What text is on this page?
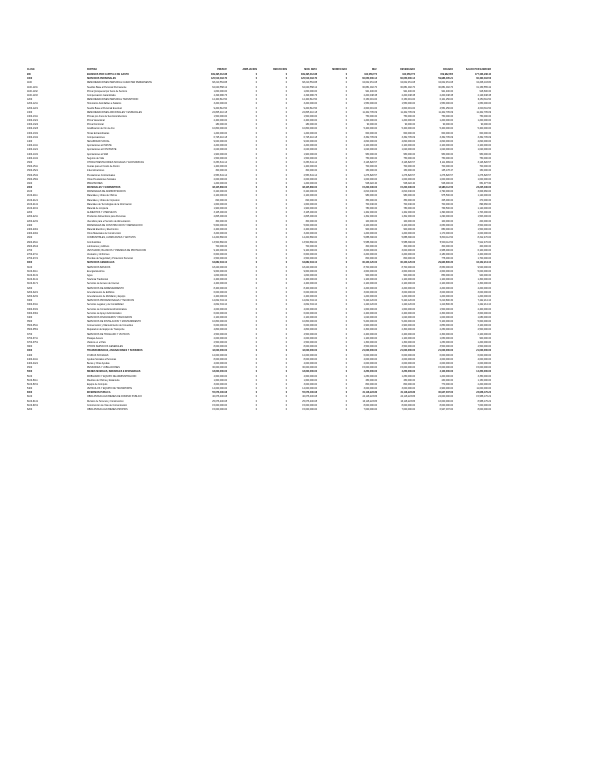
CLAVE	PARTIDA	PRESUP.	AMPLIACION	REDUCCION	MOD. NETA	MODIFICADO	DEV.	DEVENGADO	PAGADO	SALDO POR EJERCER
900	EGRESOS POR CAPITULO DE GASTO	339,495,012.88	0	0	339,495,012.88	0	162,058,774	162,058,774	159,982,355	177,436,238.44
1000	SERVICIOS PERSONALES	120,510,418.70	0	0	120,510,418.70	0	60,050,000.14	60,050,000.14	59,986,405.21	60,460,418.56
1100	REMUNERACIONES PERSONAL CARACTER PERMANENTE	68,210,554.88	0	0	68,210,554.88	0	34,002,451.08	34,002,451.08	34,002,451.08	34,208,103.80
1100-1131	Sueldos Base al Personal Permanente	62,040,558.12	0	0	62,040,558.12	0	30,881,002.70	30,881,002.70	30,881,002.70	31,159,555.42
1100-1132	Prima Quinquenal por Anos de Servicio	1,840,000.00	0	0	1,840,000.00	0	921,400.00	921,400.00	921,400.00	918,600.00
1100-1133	Compensacion Garantizada	4,329,996.76	0	0	4,329,996.76	0	2,200,048.38	2,200,048.38	2,200,048.38	2,129,948.38
1200	REMUNERACIONES PERSONAL TRANSITORIO	12,400,812.50	0	0	12,400,812.50	0	6,150,001.00	6,150,001.00	6,101,250.00	6,250,811.50
1200-1211	Honorarios Asimilables a Salarios	3,200,000.00	0	0	3,200,000.00	0	1,550,000.00	1,550,000.00	1,550,000.00	1,650,000.00
1200-1221	Sueldo Base al Personal Eventual	9,200,812.50	0	0	9,200,812.50	0	4,600,001.00	4,600,001.00	4,551,250.00	4,600,811.50
1300	REMUNERACIONES ADICIONALES Y ESPECIALES	22,805,410.18	0	0	22,805,410.18	0	11,402,705.09	11,402,705.09	11,402,705.09	11,402,705.09
1300-1311	Primas por Anos de Servicios Efectivos	1,500,000.00	0	0	1,500,000.00	0	750,000.00	750,000.00	750,000.00	750,000.00
1300-1321	Prima Vacacional	2,400,000.00	0	0	2,400,000.00	0	1,200,000.00	1,200,000.00	1,200,000.00	1,200,000.00
1300-1322	Prima Dominical	180,000.00	0	0	180,000.00	0	90,000.00	90,000.00	90,000.00	90,000.00
1300-1323	Gratificacion de Fin de Ano	10,800,000.00	0	0	10,800,000.00	0	5,400,000.00	5,400,000.00	5,400,000.00	5,400,000.00
1300-1331	Horas Extraordinarias	1,200,000.00	0	0	1,200,000.00	0	600,000.00	600,000.00	600,000.00	600,000.00
1300-1341	Compensaciones	6,725,410.18	0	0	6,725,410.18	0	3,362,705.09	3,362,705.09	3,362,705.09	3,362,705.09
1400	SEGURIDAD SOCIAL	9,640,000.00	0	0	9,640,000.00	0	4,820,000.00	4,820,000.00	4,820,000.00	4,820,000.00
1400-1411	Aportaciones al ISSSTE	4,200,000.00	0	0	4,200,000.00	0	2,100,000.00	2,100,000.00	2,100,000.00	2,100,000.00
1400-1421	Aportaciones al FOVISSSTE	2,040,000.00	0	0	2,040,000.00	0	1,020,000.00	1,020,000.00	1,020,000.00	1,020,000.00
1400-1431	Aportaciones al SAR	1,900,000.00	0	0	1,900,000.00	0	950,000.00	950,000.00	950,000.00	950,000.00
1400-1441	Seguros de Vida	1,500,000.00	0	0	1,500,000.00	0	750,000.00	750,000.00	750,000.00	750,000.00
1500	OTRAS PRESTACIONES SOCIALES Y ECONOMICAS	6,253,641.14	0	0	6,253,641.14	0	3,126,820.57	3,126,820.57	3,111,999.04	3,126,820.57
1500-1511	Cuotas para el Fondo de Ahorro	1,400,000.00	0	0	1,400,000.00	0	700,000.00	700,000.00	700,000.00	700,000.00
1500-1521	Indemnizaciones	300,000.00	0	0	300,000.00	0	150,000.00	150,000.00	135,178.47	150,000.00
1500-1541	Prestaciones Contractuales	2,553,641.14	0	0	2,553,641.14	0	1,276,820.57	1,276,820.57	1,276,820.57	1,276,820.57
1500-1591	Otras Prestaciones Sociales	2,000,000.00	0	0	2,000,000.00	0	1,000,000.00	1,000,000.00	1,000,000.00	1,000,000.00
1600	PREVISIONES	1,200,000.00	0	0	1,200,000.00	0	548,022.40	548,022.40	548,000.00	651,977.60
2000	MATERIALES Y SUMINISTROS	38,425,860.00	0	0	38,425,860.00	0	15,200,430.00	15,200,430.00	14,988,112.50	23,225,430.00
2100	MATERIALES DE ADMINISTRACION	6,420,000.00	0	0	6,420,000.00	0	2,810,040.00	2,810,040.00	2,790,000.00	3,609,960.00
2100-2111	Materiales y Utiles de Oficina	2,100,000.00	0	0	2,100,000.00	0	980,000.00	980,000.00	975,500.00	1,120,000.00
2100-2121	Materiales y Utiles de Impresion	820,000.00	0	0	820,000.00	0	350,000.00	350,000.00	345,000.00	470,000.00
2100-2141	Materiales de Tecnologias de la Informacion	1,600,000.00	0	0	1,600,000.00	0	700,040.00	700,040.00	700,000.00	899,960.00
2100-2161	Material de Limpieza	1,900,000.00	0	0	1,900,000.00	0	780,000.00	780,000.00	769,500.00	1,120,000.00
2200	ALIMENTOS Y UTENSILIOS	3,105,000.00	0	0	3,105,000.00	0	1,402,000.00	1,402,000.00	1,390,000.00	1,703,000.00
2200-2211	Productos Alimenticios para Personas	2,805,000.00	0	0	2,805,000.00	0	1,302,000.00	1,302,000.00	1,290,000.00	1,503,000.00
2200-2231	Utensilios para el Servicio de Alimentacion	300,000.00	0	0	300,000.00	0	100,000.00	100,000.00	100,000.00	200,000.00
2400	MATERIALES DE CONSTRUCCION Y REPARACION	5,600,000.00	0	0	5,600,000.00	0	2,100,000.00	2,100,000.00	2,050,000.00	3,500,000.00
2400-2461	Material Electrico y Electronico	2,400,000.00	0	0	2,400,000.00	0	900,000.00	900,000.00	880,000.00	1,500,000.00
2400-2491	Otros Materiales de Construccion	3,200,000.00	0	0	3,200,000.00	0	1,200,000.00	1,200,000.00	1,170,000.00	2,000,000.00
2600	COMBUSTIBLES, LUBRICANTES Y ADITIVOS	14,200,860.00	0	0	14,200,860.00	0	5,888,390.00	5,888,390.00	5,800,112.50	8,312,470.00
2600-2611	Combustibles	13,500,860.00	0	0	13,500,860.00	0	5,588,390.00	5,588,390.00	5,500,112.50	7,912,470.00
2600-2612	Lubricantes y Aditivos	700,000.00	0	0	700,000.00	0	300,000.00	300,000.00	300,000.00	400,000.00
2700	VESTUARIO, BLANCOS Y PRENDAS DE PROTECCION	9,100,000.00	0	0	9,100,000.00	0	3,000,000.00	3,000,000.00	2,958,000.00	6,100,000.00
2700-2711	Vestuario y Uniformes	6,600,000.00	0	0	6,600,000.00	0	2,200,000.00	2,200,000.00	2,180,000.00	4,400,000.00
2700-2721	Prendas de Seguridad y Proteccion Personal	2,500,000.00	0	0	2,500,000.00	0	800,000.00	800,000.00	778,000.00	1,700,000.00
3000	SERVICIOS GENERALES	64,882,334.10	0	0	64,882,334.10	0	30,440,120.00	30,440,120.00	29,960,800.30	34,442,214.10
3100	SERVICIOS BASICOS	18,240,000.00	0	0	18,240,000.00	0	8,700,000.00	8,700,000.00	8,650,000.00	9,540,000.00
3100-3111	Energia Electrica	9,600,000.00	0	0	9,600,000.00	0	4,600,000.00	4,600,000.00	4,600,000.00	5,000,000.00
3100-3131	Agua	1,840,000.00	0	0	1,840,000.00	0	900,000.00	900,000.00	850,000.00	940,000.00
3100-3141	Telefonia Tradicional	2,400,000.00	0	0	2,400,000.00	0	1,100,000.00	1,100,000.00	1,100,000.00	1,300,000.00
3100-3171	Servicios de Acceso de Internet	4,400,000.00	0	0	4,400,000.00	0	2,100,000.00	2,100,000.00	2,100,000.00	2,300,000.00
3200	SERVICIOS DE ARRENDAMIENTO	8,400,000.00	0	0	8,400,000.00	0	4,200,000.00	4,200,000.00	4,200,000.00	4,200,000.00
3200-3221	Arrendamiento de Edificios	6,000,000.00	0	0	6,000,000.00	0	3,000,000.00	3,000,000.00	3,000,000.00	3,000,000.00
3200-3231	Arrendamiento de Mobiliario y Equipo	2,400,000.00	0	0	2,400,000.00	0	1,200,000.00	1,200,000.00	1,200,000.00	1,200,000.00
3300	SERVICIOS PROFESIONALES Y TECNICOS	12,842,334.10	0	0	12,842,334.10	0	5,420,120.00	5,420,120.00	5,210,800.30	7,422,214.10
3300-3311	Servicios Legales y de Contabilidad	2,842,334.10	0	0	2,842,334.10	0	1,420,120.00	1,420,120.00	1,410,800.30	1,422,214.10
3300-3331	Servicios de Consultoria Administrativa	4,000,000.00	0	0	4,000,000.00	0	1,600,000.00	1,600,000.00	1,500,000.00	2,400,000.00
3300-3361	Servicios de Apoyo Administrativo	6,000,000.00	0	0	6,000,000.00	0	2,400,000.00	2,400,000.00	2,300,000.00	3,600,000.00
3400	SERVICIOS FINANCIEROS Y BANCARIOS	2,100,000.00	0	0	2,100,000.00	0	1,020,000.00	1,020,000.00	1,000,000.00	1,080,000.00
3500	SERVICIOS DE INSTALACION Y MANTENIMIENTO	10,800,000.00	0	0	10,800,000.00	0	5,200,000.00	5,200,000.00	5,100,000.00	5,600,000.00
3500-3511	Conservacion y Mantenimiento de Inmuebles	6,000,000.00	0	0	6,000,000.00	0	2,900,000.00	2,900,000.00	2,850,000.00	3,100,000.00
3500-3551	Reparacion de Equipo de Transporte	4,800,000.00	0	0	4,800,000.00	0	2,300,000.00	2,300,000.00	2,250,000.00	2,500,000.00
3700	SERVICIOS DE TRASLADO Y VIATICOS	4,500,000.00	0	0	4,500,000.00	0	2,400,000.00	2,400,000.00	2,300,000.00	2,100,000.00
3700-3711	Pasajes Aereos	2,000,000.00	0	0	2,000,000.00	0	1,100,000.00	1,100,000.00	1,050,000.00	900,000.00
3700-3751	Viaticos en el Pais	2,500,000.00	0	0	2,500,000.00	0	1,300,000.00	1,300,000.00	1,250,000.00	1,200,000.00
3900	OTROS SERVICIOS GENERALES	8,000,000.00	0	0	8,000,000.00	0	3,500,000.00	3,500,000.00	3,500,000.00	4,500,000.00
4000	TRANSFERENCIAS, ASIGNACIONES Y SUBSIDIOS	42,000,000.00	0	0	42,000,000.00	0	21,000,000.00	21,000,000.00	21,000,000.00	21,000,000.00
4400	AYUDAS SOCIALES	12,000,000.00	0	0	12,000,000.00	0	6,000,000.00	6,000,000.00	6,000,000.00	6,000,000.00
4400-4411	Ayudas Sociales a Personas	8,000,000.00	0	0	8,000,000.00	0	4,000,000.00	4,000,000.00	4,000,000.00	4,000,000.00
4400-4421	Becas y Otras Ayudas	4,000,000.00	0	0	4,000,000.00	0	2,000,000.00	2,000,000.00	2,000,000.00	2,000,000.00
4500	PENSIONES Y JUBILACIONES	30,000,000.00	0	0	30,000,000.00	0	15,000,000.00	15,000,000.00	15,000,000.00	15,000,000.00
5000	BIENES MUEBLES, INMUEBLES E INTANGIBLES	18,600,000.00	0	0	18,600,000.00	0	4,250,000.00	4,250,000.00	4,100,000.00	14,350,000.00
5100	MOBILIARIO Y EQUIPO DE ADMINISTRACION	4,600,000.00	0	0	4,600,000.00	0	1,250,000.00	1,250,000.00	1,200,000.00	3,350,000.00
5100-5111	Muebles de Oficina y Estanteria	1,600,000.00	0	0	1,600,000.00	0	450,000.00	450,000.00	430,000.00	1,150,000.00
5100-5151	Equipo de Computo	3,000,000.00	0	0	3,000,000.00	0	800,000.00	800,000.00	770,000.00	2,200,000.00
5400	VEHICULOS Y EQUIPO DE TRANSPORTE	14,000,000.00	0	0	14,000,000.00	0	3,000,000.00	3,000,000.00	2,900,000.00	11,000,000.00
6000	INVERSION PUBLICA	55,076,400.08	0	0	55,076,400.08	0	31,118,223.86	31,118,223.86	30,947,037.00	23,958,176.22
6100	OBRA PUBLICA EN BIENES DE DOMINIO PUBLICO	40,076,400.08	0	0	40,076,400.08	0	24,118,223.86	24,118,223.86	24,000,000.00	15,958,176.22
6100-6141	Division de Terrenos y Construccion	25,076,400.08	0	0	25,076,400.08	0	16,118,223.86	16,118,223.86	16,000,000.00	8,958,176.22
6100-6151	Construccion de Vias de Comunicacion	15,000,000.00	0	0	15,000,000.00	0	8,000,000.00	8,000,000.00	8,000,000.00	7,000,000.00
6200	OBRA PUBLICA EN BIENES PROPIOS	15,000,000.00	0	0	15,000,000.00	0	7,000,000.00	7,000,000.00	6,947,037.00	8,000,000.00
